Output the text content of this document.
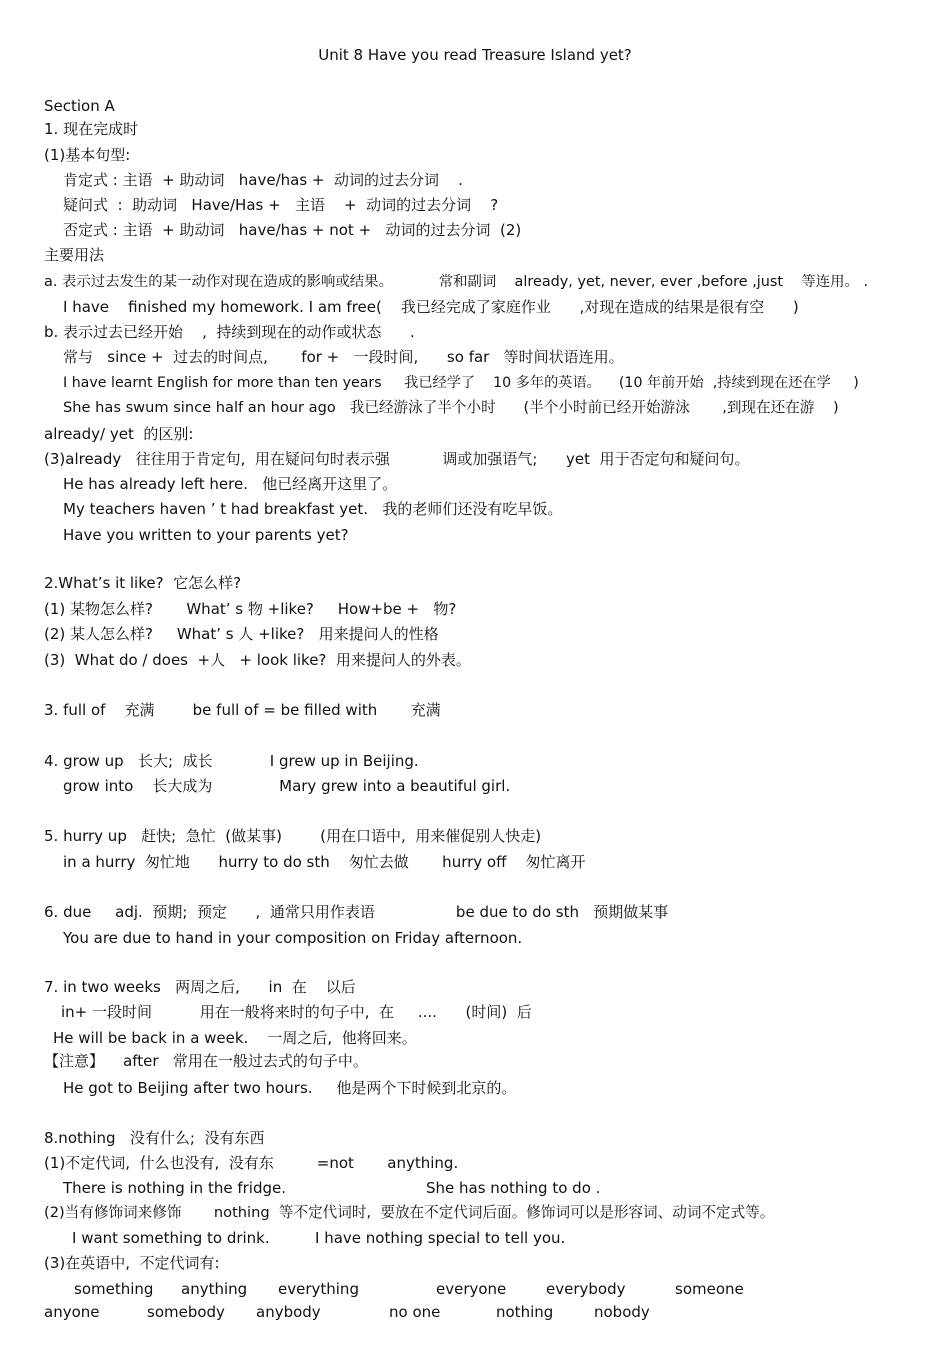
Unit 8 Have you read Treasure Island yet?
Section A
1. 现在完成时
(1)基本句型:
肯定式 : 主语  + 助动词   have/has +  动词的过去分词    .
疑问式  :  助动词   Have/Has +   主语    +  动词的过去分词    ?
否定式 : 主语  + 助动词   have/has + not +   动词的过去分词  (2)
主要用法
a. 表示过去发生的某一动作对现在造成的影响或结果。          常和副词    already, yet, never, ever ,before ,just    等连用。 .
I have    finished my homework. I am free(    我已经完成了家庭作业      ,对现在造成的结果是很有空      )
b. 表示过去已经开始    ,  持续到现在的动作或状态      .
常与   since +  过去的时间点,       for +   一段时间,      so far   等时间状语连用。
I have learnt English for more than ten years     我已经学了    10 多年的英语。    (10 年前开始  ,持续到现在还在学     )
She has swum since half an hour ago   我已经游泳了半个小时      (半个小时前已经开始游泳       ,到现在还在游    )
already/ yet  的区别:
(3)already   往往用于肯定句,  用在疑问句时表示强           调或加强语气;      yet  用于否定句和疑问句。
He has already left here.   他已经离开这里了。
My teachers haven ’ t had breakfast yet.   我的老师们还没有吃早饭。
Have you written to your parents yet?
2.What’s it like?  它怎么样?
(1) 某物怎么样?       What’ s 物 +like?     How+be +   物?
(2) 某人怎么样?     What’ s 人 +like?   用来提问人的性格
(3)  What do / does  +人   + look like?  用来提问人的外表。
3. full of    充满        be full of = be filled with       充满
4. grow up   长大;  成长            I grew up in Beijing.
grow into    长大成为              Mary grew into a beautiful girl.
5. hurry up   赶快;  急忙  (做某事)        (用在口语中,  用来催促别人快走)
in a hurry  匆忙地      hurry to do sth    匆忙去做       hurry off    匆忙离开
6. due     adj.  预期;  预定      ,  通常只用作表语                 be due to do sth   预期做某事
You are due to hand in your composition on Friday afternoon.
7. in two weeks   两周之后,      in  在    以后
in+ 一段时间          用在一般将来时的句子中,  在     ....      (时间)  后
He will be back in a week.    一周之后,  他将回来。
【注意】    after   常用在一般过去式的句子中。
He got to Beijing after two hours.     他是两个下时候到北京的。
8.nothing   没有什么;  没有东西
(1)不定代词,  什么也没有,  没有东         =not       anything.
There is nothing in the fridge.	She has nothing to do .
(2)当有修饰词来修饰       nothing  等不定代词时,  要放在不定代词后面。修饰词可以是形容词、动词不定式等。
I want something to drink.	I have nothing special to tell you.
(3)在英语中,  不定代词有:
something anything everything	everyone	everybody	someone
anyone	somebody anybody	no one	nothing	nobody
